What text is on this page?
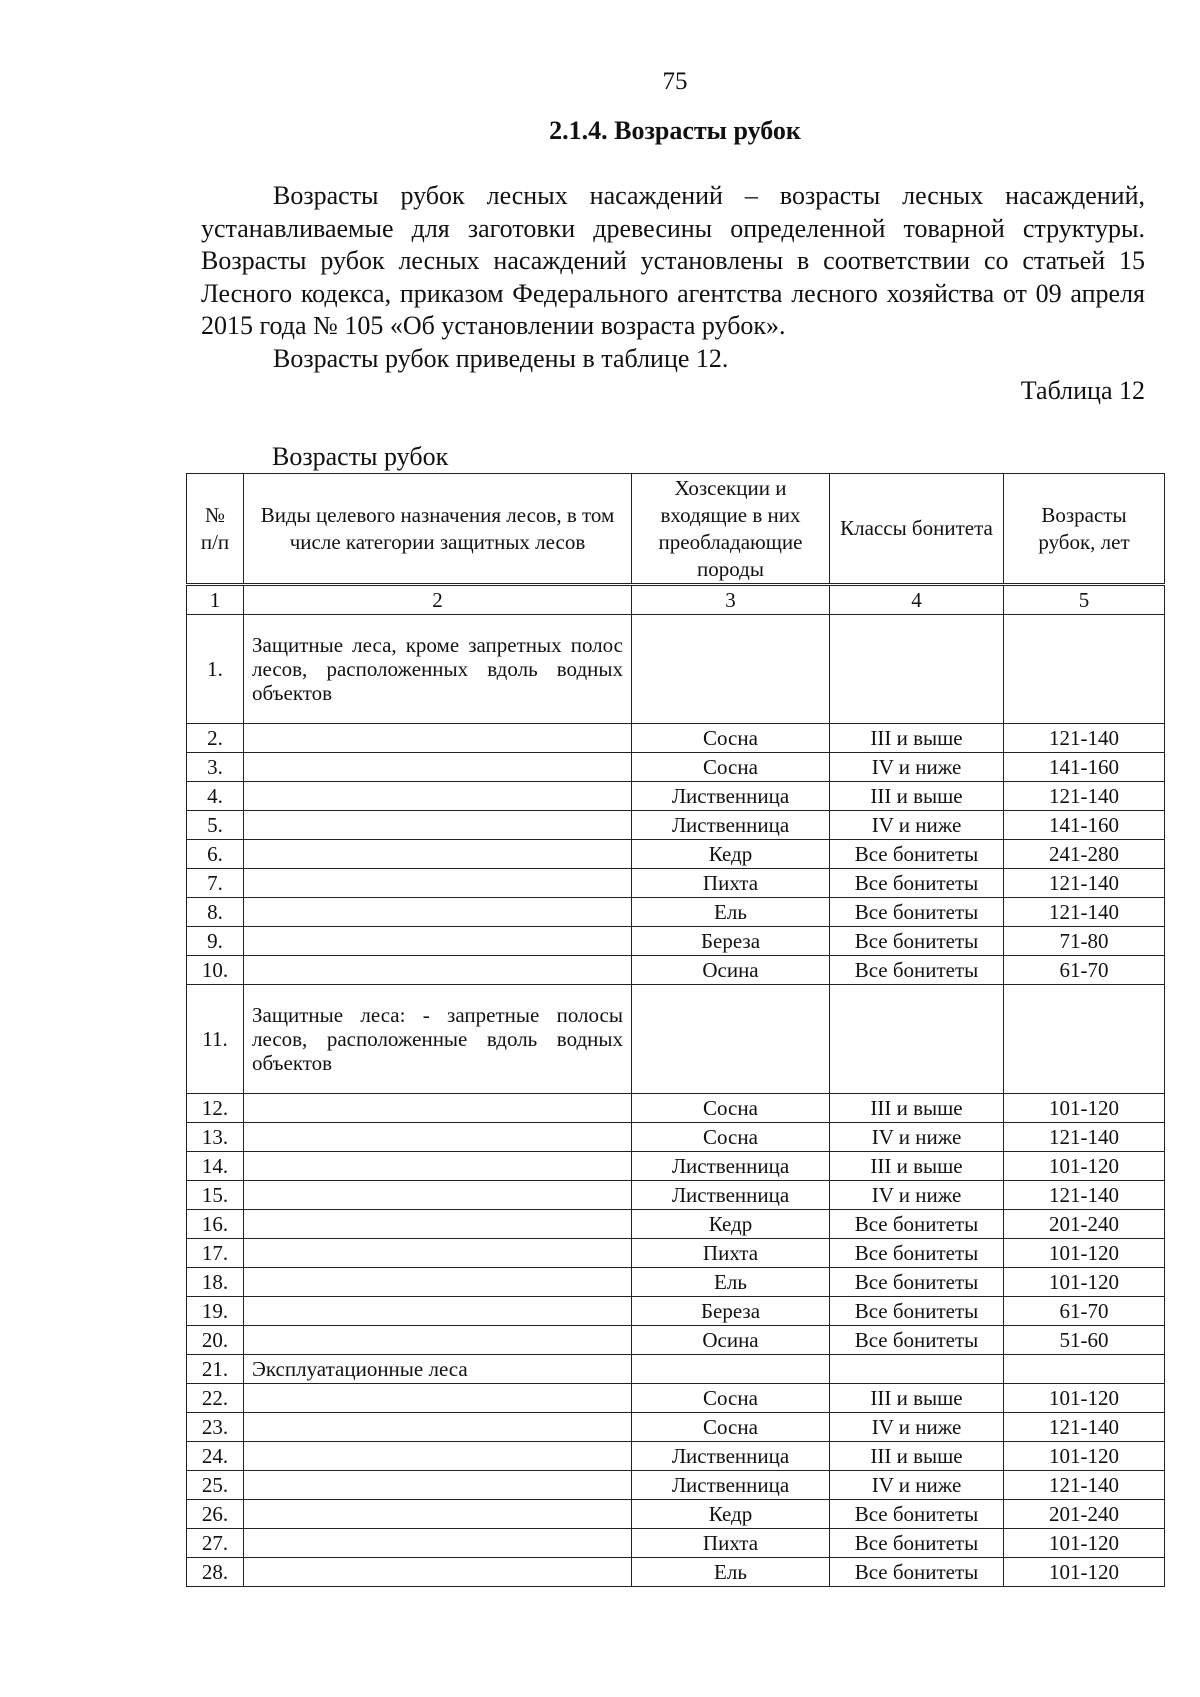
75
2.1.4. Возрасты рубок

Возрасты рубок лесных насаждений – возрасты лесных насаждений, устанавливаемые для заготовки древесины определенной товарной структуры. Возрасты рубок лесных насаждений установлены в соответствии со статьей 15 Лесного кодекса, приказом Федерального агентства лесного хозяйства от 09 апреля 2015 года № 105 «Об установлении возраста рубок».

Возрасты рубок приведены в таблице 12.

Таблица 12
Возрасты рубок
№ п/п	Виды целевого назначения лесов, в том числе категории защитных лесов	Хозсекции и входящие в них преобладающие породы	Классы бонитета	Возрасты рубок, лет
1	2	3	4	5
1.	Защитные леса, кроме запретных полос лесов, расположенных вдоль водных объектов			
2.		Сосна	III и выше	121-140
3.		Сосна	IV и ниже	141-160
4.		Лиственница	III и выше	121-140
5.		Лиственница	IV и ниже	141-160
6.		Кедр	Все бонитеты	241-280
7.		Пихта	Все бонитеты	121-140
8.		Ель	Все бонитеты	121-140
9.		Береза	Все бонитеты	71-80
10.		Осина	Все бонитеты	61-70
11.	Защитные леса: - запретные полосы лесов, расположенные вдоль водных объектов			
12.		Сосна	III и выше	101-120
13.		Сосна	IV и ниже	121-140
14.		Лиственница	III и выше	101-120
15.		Лиственница	IV и ниже	121-140
16.		Кедр	Все бонитеты	201-240
17.		Пихта	Все бонитеты	101-120
18.		Ель	Все бонитеты	101-120
19.		Береза	Все бонитеты	61-70
20.		Осина	Все бонитеты	51-60
21.	Эксплуатационные леса			
22.		Сосна	III и выше	101-120
23.		Сосна	IV и ниже	121-140
24.		Лиственница	III и выше	101-120
25.		Лиственница	IV и ниже	121-140
26.		Кедр	Все бонитеты	201-240
27.		Пихта	Все бонитеты	101-120
28.		Ель	Все бонитеты	101-120
